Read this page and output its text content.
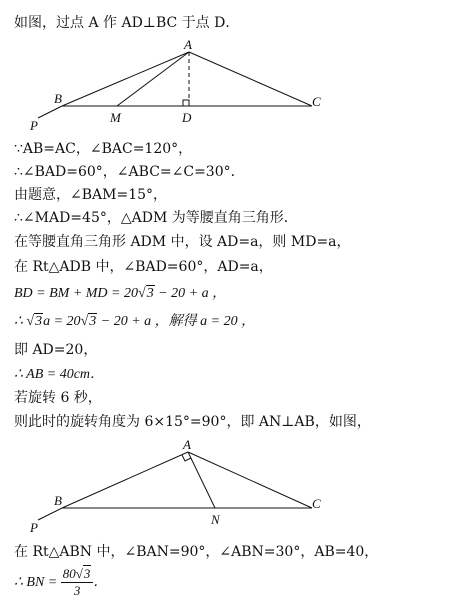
如图，过点 A 作 AD⊥BC 于点 D．
A
B	C
D
M
P
∵AB=AC，∠BAC=120°，
∴∠BAD=60°，∠ABC=∠C=30°．
由题意，∠BAM=15°，
∴∠MAD=45°，△ADM 为等腰直角三角形．
在等腰直角三角形 ADM 中，设 AD=a，则 MD=a，
在 Rt△ADB 中，∠BAD=60°，AD=a，
BD = BM + MD = 20√3 − 20 + a ，
∴ √3a = 20√3 − 20 + a ，解得 a = 20 ，
即 AD=20，
∴ AB = 40cm．
若旋转 6 秒，
则此时的旋转角度为 6×15°=90°，即 AN⊥AB，如图，
A
B	C
N
P
在 Rt△ABN 中，∠BAN=90°，∠ABN=30°，AB=40，
∴ BN = $\frac{80√3}{3}$ ．
